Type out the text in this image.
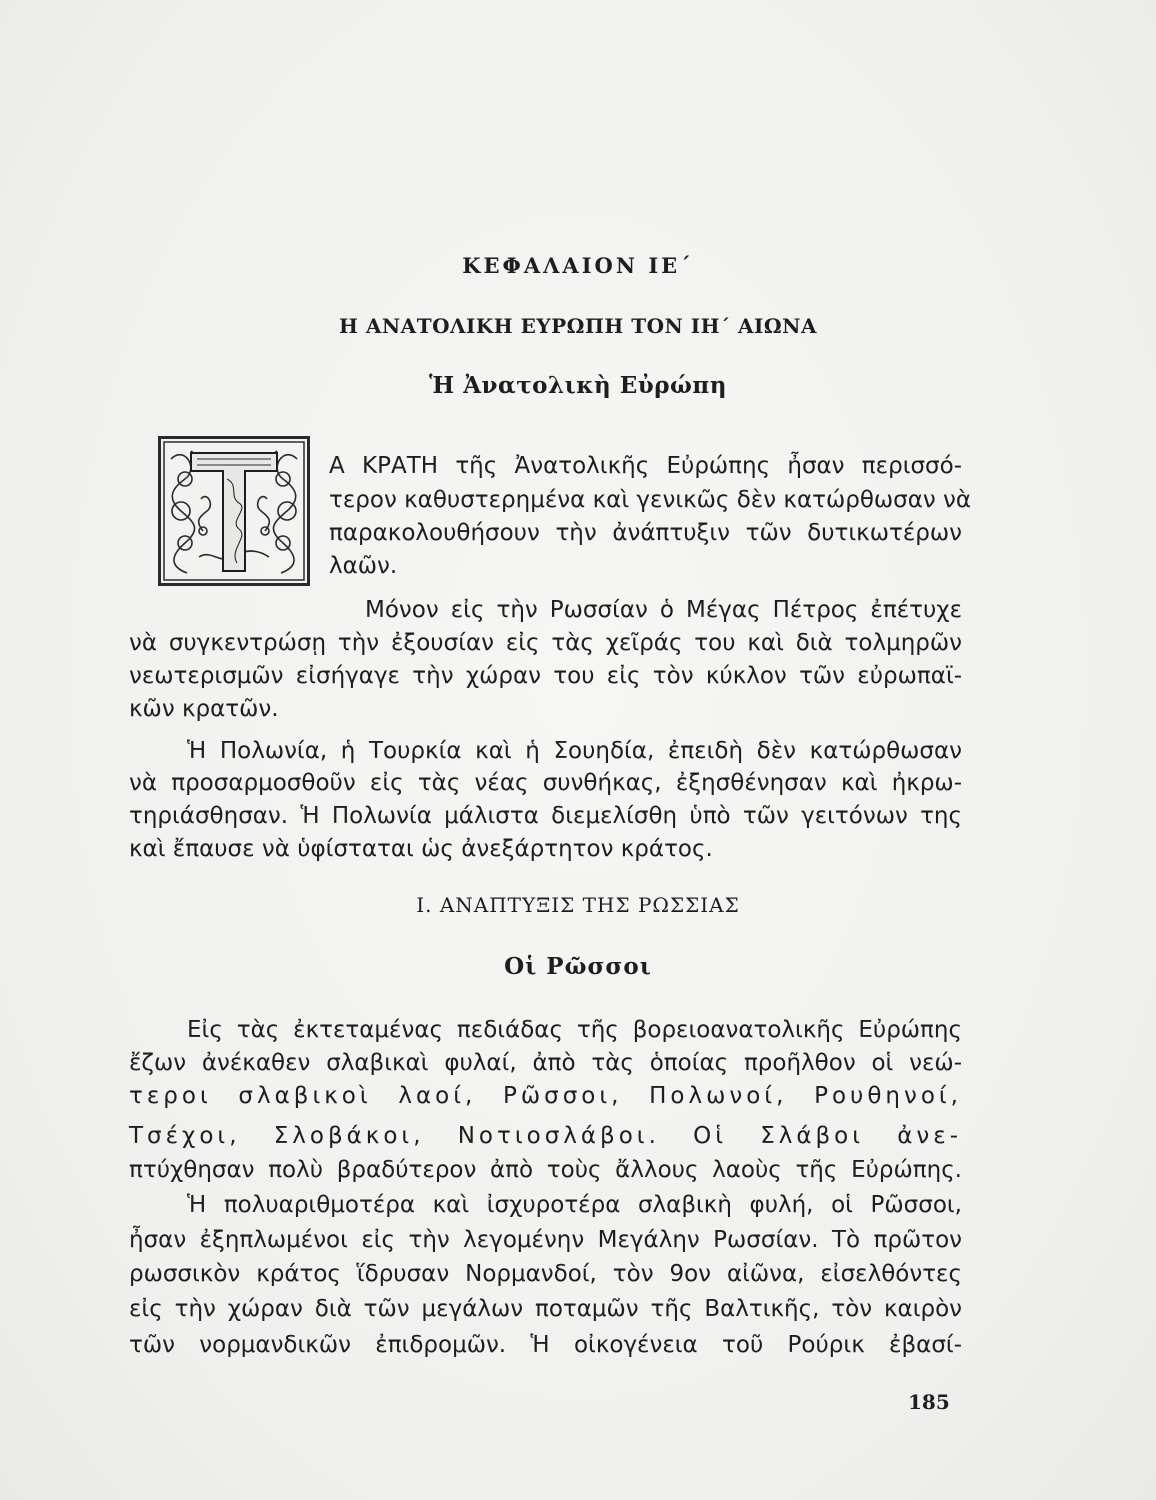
ΚΕΦΑΛΑΙΟΝ ΙΕ΄
Η ΑΝΑΤΟΛΙΚΗ ΕΥΡΩΠΗ ΤΟΝ ΙΗ΄ ΑΙΩΝΑ
Ἡ Ἀνατολικὴ Εὐρώπη
Α ΚΡΑΤΗ τῆς Ἀνατολικῆς Εὐρώπης ἦσαν περισσό-
τερον καθυστερημένα καὶ γενικῶς δὲν κατώρθωσαν νὰ
παρακολουθήσουν τὴν ἀνάπτυξιν τῶν δυτικωτέρων
λαῶν.
Μόνον εἰς τὴν Ρωσσίαν ὁ Μέγας Πέτρος ἐπέτυχε
νὰ συγκεντρώσῃ τὴν ἐξουσίαν εἰς τὰς χεῖράς του καὶ διὰ τολμηρῶν
νεωτερισμῶν εἰσήγαγε τὴν χώραν του εἰς τὸν κύκλον τῶν εὐρωπαϊ-
κῶν κρατῶν.
Ἡ Πολωνία, ἡ Τουρκία καὶ ἡ Σουηδία, ἐπειδὴ δὲν κατώρθωσαν
νὰ προσαρμοσθοῦν εἰς τὰς νέας συνθήκας, ἐξησθένησαν καὶ ἠκρω-
τηριάσθησαν. Ἡ Πολωνία μάλιστα διεμελίσθη ὑπὸ τῶν γειτόνων της
καὶ ἔπαυσε νὰ ὑφίσταται ὡς ἀνεξάρτητον κράτος.
Ι. ΑΝΑΠΤΥΞΙΣ ΤΗΣ ΡΩΣΣΙΑΣ
Οἱ Ρῶσσοι
Εἰς τὰς ἐκτεταμένας πεδιάδας τῆς βορειοανατολικῆς Εὐρώπης
ἔζων ἀνέκαθεν σλαβικαὶ φυλαί, ἀπὸ τὰς ὁποίας προῆλθον οἱ νεώ-
τεροι σλαβικοὶ λαοί, Ρῶσσοι, Πολωνοί, Ρουθηνοί,
Τσέχοι, Σλοβάκοι, Νοτιοσλάβοι. Οἱ Σλάβοι ἀνε-
πτύχθησαν πολὺ βραδύτερον ἀπὸ τοὺς ἄλλους λαοὺς τῆς Εὐρώπης.
Ἡ πολυαριθμοτέρα καὶ ἰσχυροτέρα σλαβικὴ φυλή, οἱ Ρῶσσοι,
ἦσαν ἐξηπλωμένοι εἰς τὴν λεγομένην Μεγάλην Ρωσσίαν. Τὸ πρῶτον
ρωσσικὸν κράτος ἵδρυσαν Νορμανδοί, τὸν 9ον αἰῶνα, εἰσελθόντες
εἰς τὴν χώραν διὰ τῶν μεγάλων ποταμῶν τῆς Βαλτικῆς, τὸν καιρὸν
τῶν νορμανδικῶν ἐπιδρομῶν. Ἡ οἰκογένεια τοῦ Ρούρικ ἐβασί-
185
